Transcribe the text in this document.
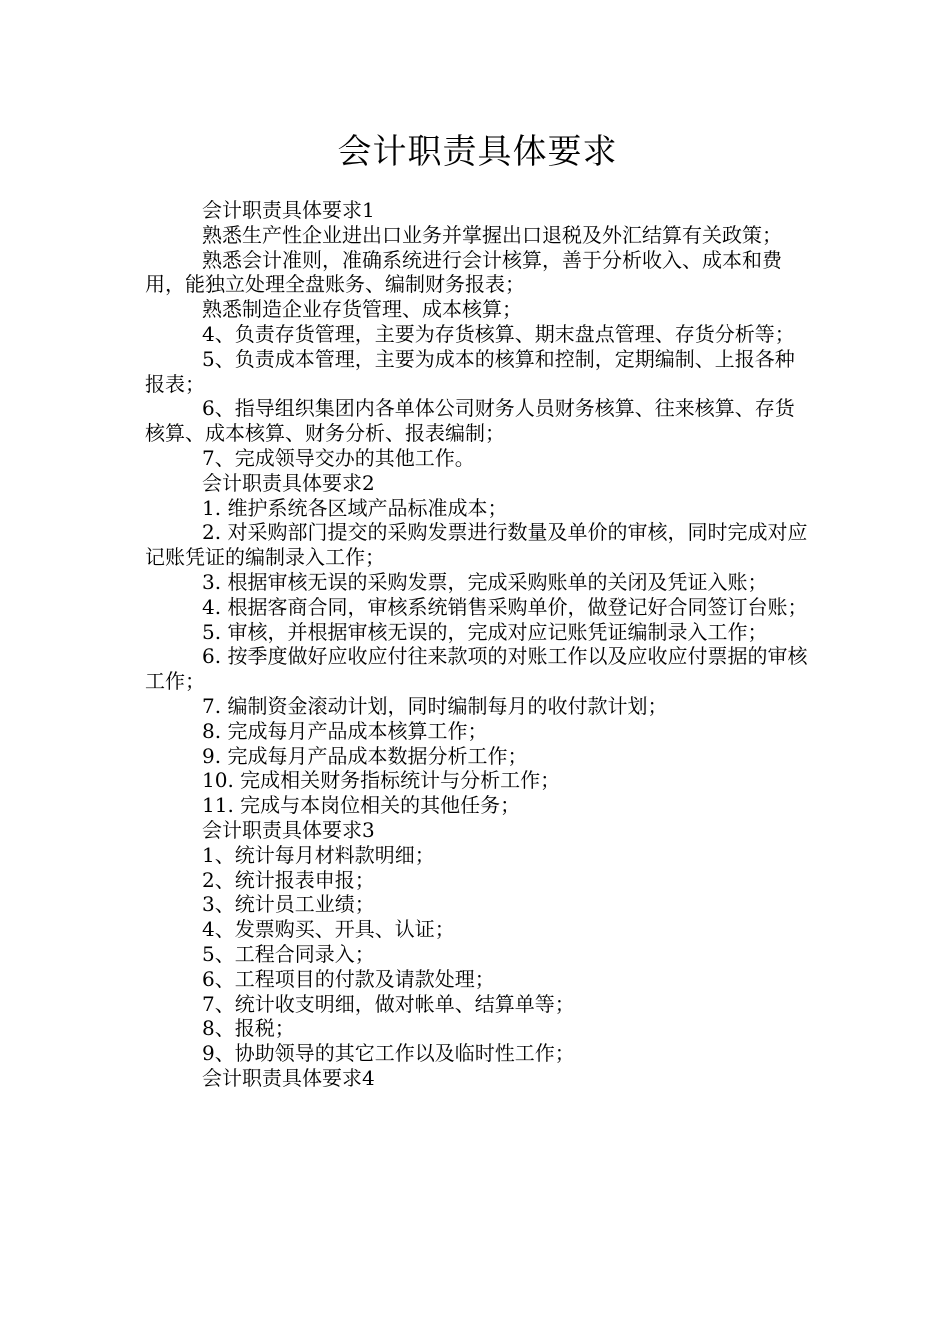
会计职责具体要求

会计职责具体要求1

熟悉生产性企业进出口业务并掌握出口退税及外汇结算有关政策；

熟悉会计准则，准确系统进行会计核算，善于分析收入、成本和费用，能独立处理全盘账务、编制财务报表；

熟悉制造企业存货管理、成本核算；

4、负责存货管理，主要为存货核算、期末盘点管理、存货分析等；

5、负责成本管理，主要为成本的核算和控制，定期编制、上报各种报表；

6、指导组织集团内各单体公司财务人员财务核算、往来核算、存货核算、成本核算、财务分析、报表编制；

7、完成领导交办的其他工作。

会计职责具体要求2

1. 维护系统各区域产品标准成本；

2. 对采购部门提交的采购发票进行数量及单价的审核，同时完成对应记账凭证的编制录入工作；

3. 根据审核无误的采购发票，完成采购账单的关闭及凭证入账；

4. 根据客商合同，审核系统销售采购单价，做登记好合同签订台账；

5. 审核，并根据审核无误的，完成对应记账凭证编制录入工作；

6. 按季度做好应收应付往来款项的对账工作以及应收应付票据的审核工作；

7. 编制资金滚动计划，同时编制每月的收付款计划；

8. 完成每月产品成本核算工作；

9. 完成每月产品成本数据分析工作；

10. 完成相关财务指标统计与分析工作；

11. 完成与本岗位相关的其他任务；

会计职责具体要求3

1、统计每月材料款明细；

2、统计报表申报；

3、统计员工业绩；

4、发票购买、开具、认证；

5、工程合同录入；

6、工程项目的付款及请款处理；

7、统计收支明细，做对帐单、结算单等；

8、报税；

9、协助领导的其它工作以及临时性工作；

会计职责具体要求4
